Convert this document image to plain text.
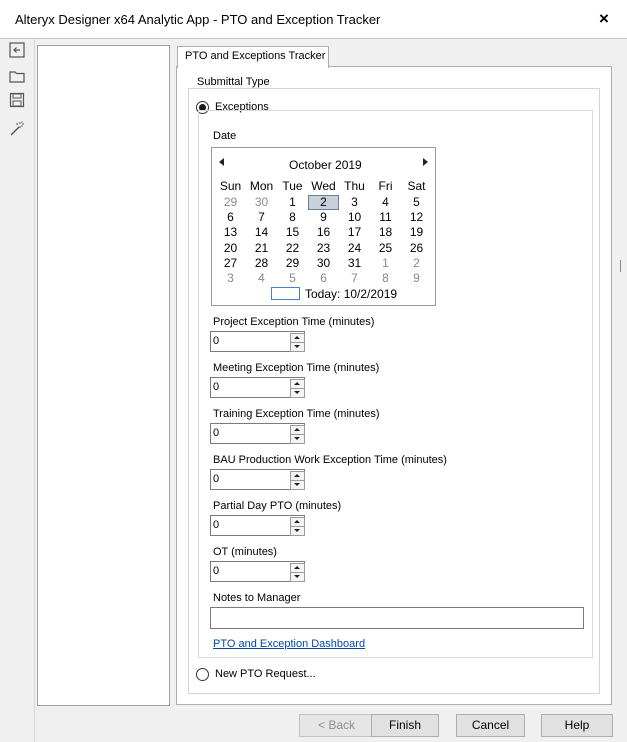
Alteryx Designer x64 Analytic App - PTO and Exception Tracker	×
PTO and Exceptions Tracker
Submittal Type
Exceptions
Date
October 2019
Sun Mon Tue Wed Thu	Fri	Sat
29	30	1	2	3	4	5
6	7	8	9	10	11	12
13	14	15	16	17	18	19
20	21	22	23	24	25	26
27	28	29	30	31	1	2
3	4	5	6	7	8	9
Today: 10/2/2019
Project Exception Time (minutes)
0
Meeting Exception Time (minutes)
0
Training Exception Time (minutes)
0
BAU Production Work Exception Time (minutes)
0
Partial Day PTO (minutes)
0
OT (minutes)
0
Notes to Manager
PTO and Exception Dashboard
New PTO Request...
< Back	Finish	Cancel	Help
